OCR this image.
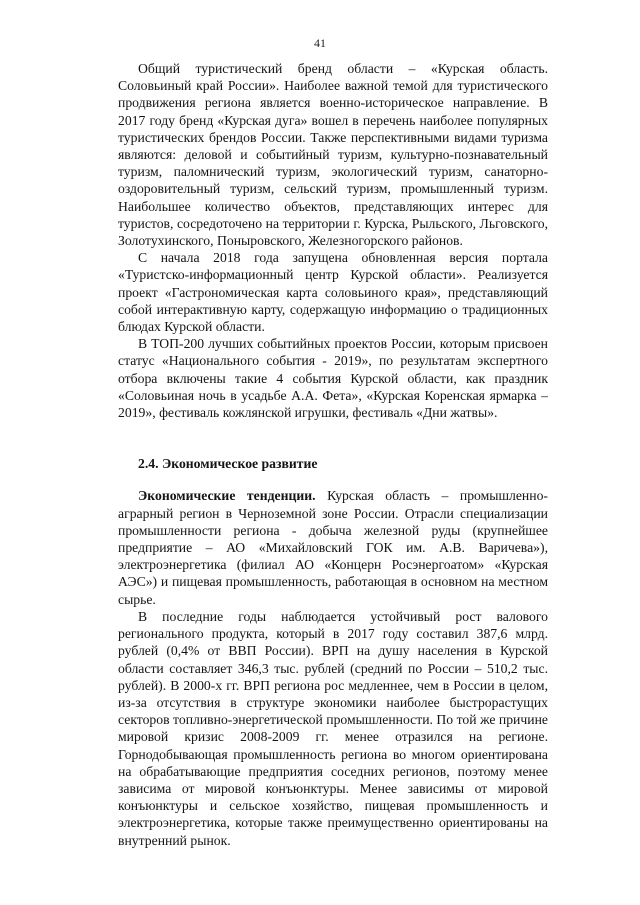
41

Общий туристический бренд области – «Курская область. Соловьиный край России». Наиболее важной темой для туристического продвижения региона является военно-историческое направление. В 2017 году бренд «Курская дуга» вошел в перечень наиболее популярных туристических брендов России. Также перспективными видами туризма являются: деловой и событийный туризм, культурно-познавательный туризм, паломнический туризм, экологический туризм, санаторно-оздоровительный туризм, сельский туризм, промышленный туризм. Наибольшее количество объектов, представляющих интерес для туристов, сосредоточено на территории г. Курска, Рыльского, Льговского, Золотухинского, Поныровского, Железногорского районов.

С начала 2018 года запущена обновленная версия портала «Туристско-информационный центр Курской области». Реализуется проект «Гастрономическая карта соловьиного края», представляющий собой интерактивную карту, содержащую информацию о традиционных блюдах Курской области.

В ТОП-200 лучших событийных проектов России, которым присвоен статус «Национального события - 2019», по результатам экспертного отбора включены такие 4 события Курской области, как праздник «Соловьиная ночь в усадьбе А.А. Фета», «Курская Коренская ярмарка – 2019», фестиваль кожлянской игрушки, фестиваль «Дни жатвы».

2.4. Экономическое развитие

Экономические тенденции. Курская область – промышленно-аграрный регион в Черноземной зоне России. Отрасли специализации промышленности региона - добыча железной руды (крупнейшее предприятие – АО «Михайловский ГОК им. А.В. Варичева»), электроэнергетика (филиал АО «Концерн Росэнергоатом» «Курская АЭС») и пищевая промышленность, работающая в основном на местном сырье.

В последние годы наблюдается устойчивый рост валового регионального продукта, который в 2017 году составил 387,6 млрд. рублей (0,4% от ВВП России). ВРП на душу населения в Курской области составляет 346,3 тыс. рублей (средний по России – 510,2 тыс. рублей). В 2000-х гг. ВРП региона рос медленнее, чем в России в целом, из-за отсутствия в структуре экономики наиболее быстрорастущих секторов топливно-энергетической промышленности. По той же причине мировой кризис 2008-2009 гг. менее отразился на регионе. Горнодобывающая промышленность региона во многом ориентирована на обрабатывающие предприятия соседних регионов, поэтому менее зависима от мировой конъюнктуры. Менее зависимы от мировой конъюнктуры и сельское хозяйство, пищевая промышленность и электроэнергетика, которые также преимущественно ориентированы на внутренний рынок.
